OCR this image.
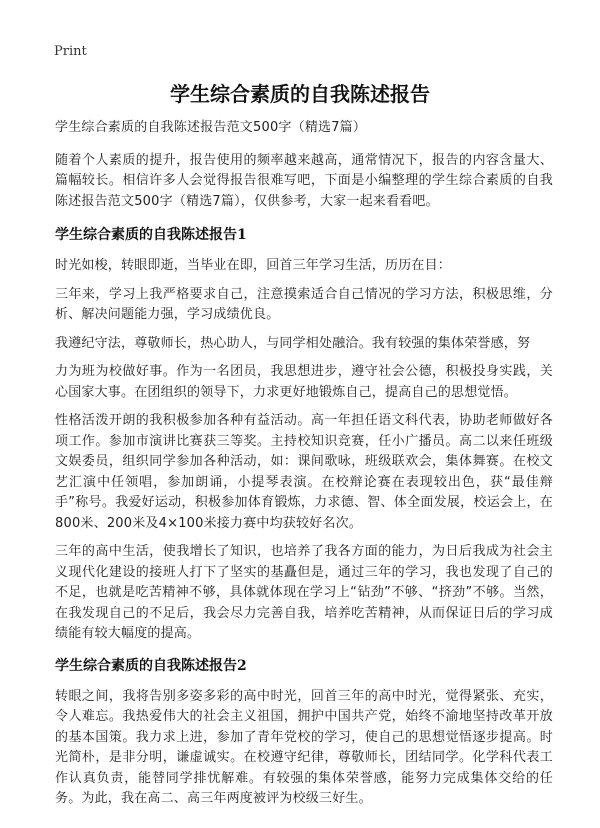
Print
学生综合素质的自我陈述报告

学生综合素质的自我陈述报告范文500字（精选7篇）

随着个人素质的提升，报告使用的频率越来越高，通常情况下，报告的内容含量大、篇幅较长。相信许多人会觉得报告很难写吧，下面是小编整理的学生综合素质的自我陈述报告范文500字（精选7篇），仅供参考，大家一起来看看吧。

学生综合素质的自我陈述报告1

时光如梭，转眼即逝，当毕业在即，回首三年学习生活，历历在目：

三年来，学习上我严格要求自己，注意摸索适合自己情况的学习方法，积极思维，分析、解决问题能力强，学习成绩优良。

我遵纪守法，尊敬师长，热心助人，与同学相处融洽。我有较强的集体荣誉感，努

力为班为校做好事。作为一名团员，我思想进步，遵守社会公德，积极投身实践，关心国家大事。在团组织的领导下，力求更好地锻炼自己，提高自己的思想觉悟。

性格活泼开朗的我积极参加各种有益活动。高一年担任语文科代表，协助老师做好各项工作。参加市演讲比赛获三等奖。主持校知识竞赛，任小广播员。高二以来任班级文娱委员，组织同学参加各种活动，如：课间歌咏，班级联欢会，集体舞赛。在校文艺汇演中任领唱，参加朗诵，小提琴表演。在校辩论赛在表现较出色，获“最佳辩手”称号。我爱好运动，积极参加体育锻炼，力求德、智、体全面发展，校运会上，在800米、200米及4×100米接力赛中均获较好名次。

三年的高中生活，使我增长了知识，也培养了我各方面的能力，为日后我成为社会主义现代化建设的接班人打下了坚实的基矗但是，通过三年的学习，我也发现了自己的不足，也就是吃苦精神不够，具体就体现在学习上“钻劲”不够、“挤劲”不够。当然，在我发现自己的不足后，我会尽力完善自我，培养吃苦精神，从而保证日后的学习成绩能有较大幅度的提高。

学生综合素质的自我陈述报告2

转眼之间，我将告别多姿多彩的高中时光，回首三年的高中时光，觉得紧张、充实，令人难忘。我热爱伟大的社会主义祖国，拥护中国共产党，始终不渝地坚持改革开放的基本国策。我力求上进，参加了青年党校的学习，使自己的思想觉悟逐步提高。时光简朴，是非分明，谦虚诚实。在校遵守纪律，尊敬师长，团结同学。化学科代表工作认真负责，能替同学排忧解难。有较强的集体荣誉感，能努力完成集体交给的任务。为此，我在高二、高三年两度被评为校级三好生。
